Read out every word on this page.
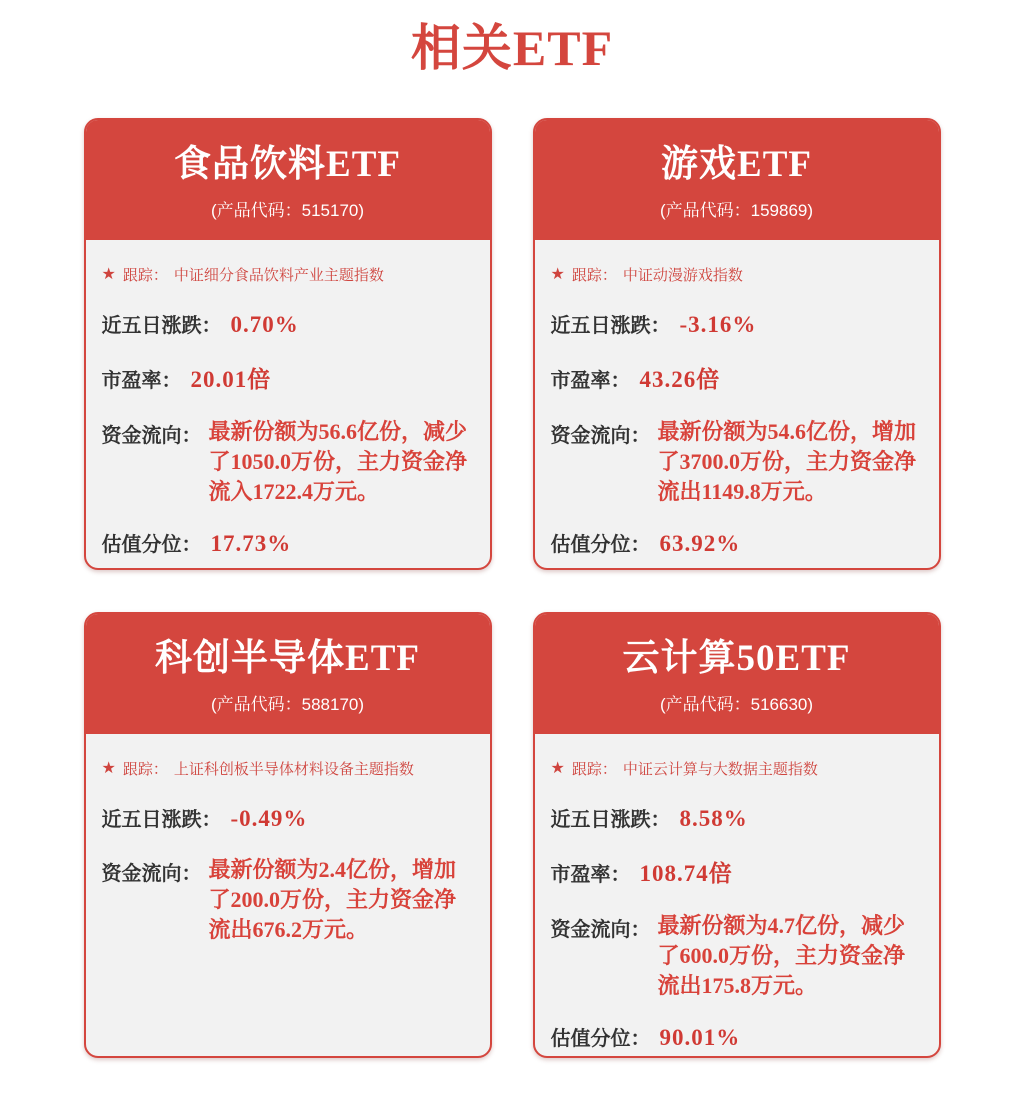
相关ETF
食品饮料ETF
(产品代码：515170)
★ 跟踪： 中证细分食品饮料产业主题指数
近五日涨跌： 0.70%
市盈率： 20.01倍
资金流向： 最新份额为56.6亿份，减少了1050.0万份，主力资金净流入1722.4万元。
估值分位： 17.73%
游戏ETF
(产品代码：159869)
★ 跟踪： 中证动漫游戏指数
近五日涨跌： -3.16%
市盈率： 43.26倍
资金流向： 最新份额为54.6亿份，增加了3700.0万份，主力资金净流出1149.8万元。
估值分位： 63.92%
科创半导体ETF
(产品代码：588170)
★ 跟踪： 上证科创板半导体材料设备主题指数
近五日涨跌： -0.49%
资金流向： 最新份额为2.4亿份，增加了200.0万份，主力资金净流出676.2万元。
云计算50ETF
(产品代码：516630)
★ 跟踪： 中证云计算与大数据主题指数
近五日涨跌： 8.58%
市盈率： 108.74倍
资金流向： 最新份额为4.7亿份，减少了600.0万份，主力资金净流出175.8万元。
估值分位： 90.01%
